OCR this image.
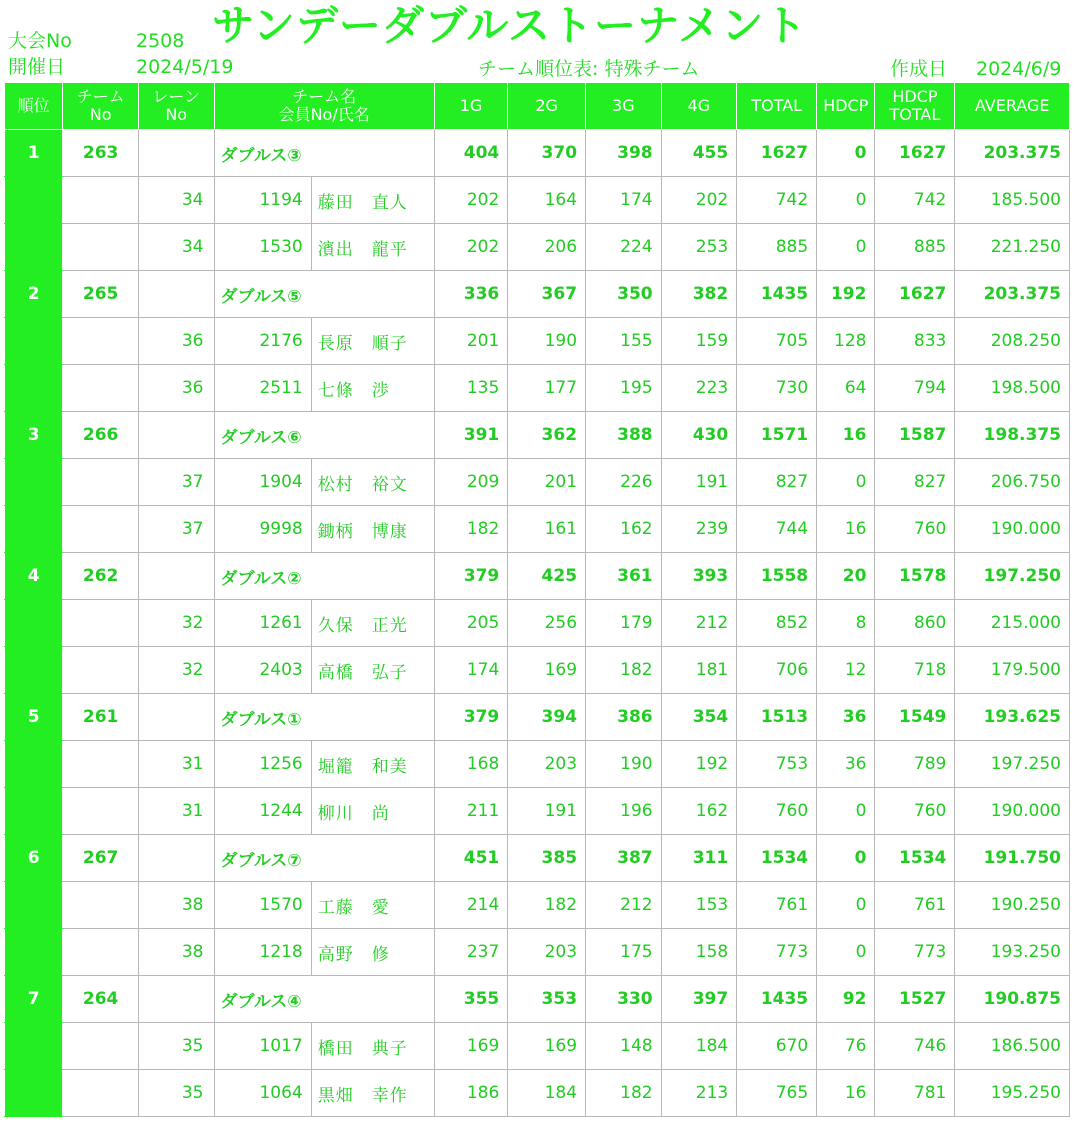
大会No	2508
開催日	2024/5/19
サンデーダブルストーナメント
チーム順位表: 特殊チーム	作成日 2024/6/9
順位	チーム
No	レーン
No	チーム名
会員No/氏名		1G	2G	3G	4G	TOTAL	HDCP	HDCP
TOTAL	AVERAGE
1	263		ダブルス③		404	370	398	455	1627	0	1627	203.375
		34	1194	藤田　直人	202	164	174	202	742	0	742	185.500
		34	1530	濱出　龍平	202	206	224	253	885	0	885	221.250
2	265		ダブルス⑤		336	367	350	382	1435	192	1627	203.375
		36	2176	長原　順子	201	190	155	159	705	128	833	208.250
		36	2511	七條　渉	135	177	195	223	730	64	794	198.500
3	266		ダブルス⑥		391	362	388	430	1571	16	1587	198.375
		37	1904	松村　裕文	209	201	226	191	827	0	827	206.750
		37	9998	鋤柄　博康	182	161	162	239	744	16	760	190.000
4	262		ダブルス②		379	425	361	393	1558	20	1578	197.250
		32	1261	久保　正光	205	256	179	212	852	8	860	215.000
		32	2403	高橋　弘子	174	169	182	181	706	12	718	179.500
5	261		ダブルス①		379	394	386	354	1513	36	1549	193.625
		31	1256	堀籠　和美	168	203	190	192	753	36	789	197.250
		31	1244	柳川　尚	211	191	196	162	760	0	760	190.000
6	267		ダブルス⑦		451	385	387	311	1534	0	1534	191.750
		38	1570	工藤　愛	214	182	212	153	761	0	761	190.250
		38	1218	高野　修	237	203	175	158	773	0	773	193.250
7	264		ダブルス④		355	353	330	397	1435	92	1527	190.875
		35	1017	橋田　典子	169	169	148	184	670	76	746	186.500
		35	1064	黒畑　幸作	186	184	182	213	765	16	781	195.250
